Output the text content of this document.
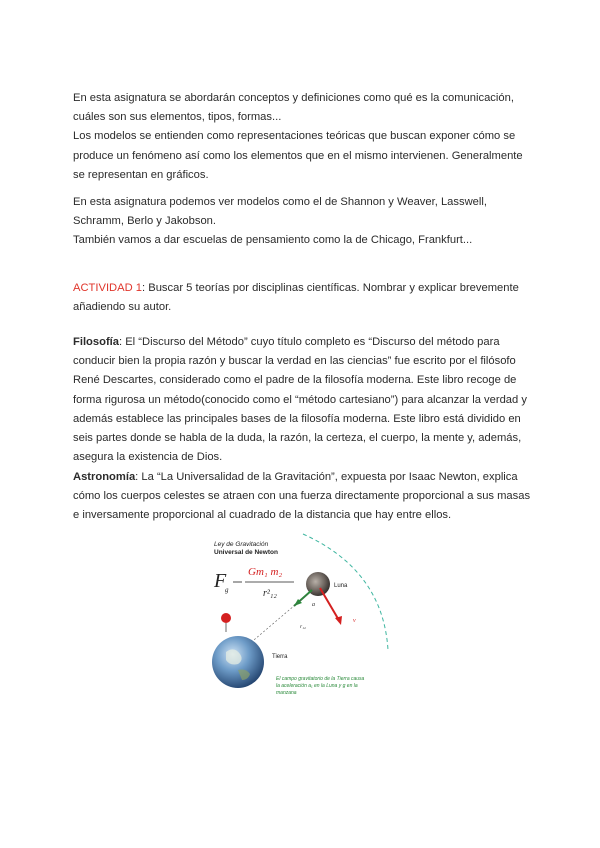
En esta asignatura se abordarán conceptos y definiciones como qué es la comunicación,
cuáles son sus elementos, tipos, formas...
Los modelos se entienden como representaciones teóricas que buscan exponer cómo se
produce un fenómeno así como los elementos que en el mismo intervienen. Generalmente
se representan en gráficos.

En esta asignatura podemos ver modelos como el de Shannon y Weaver, Lasswell,
Schramm, Berlo y Jakobson.
También vamos a dar escuelas de pensamiento como la de Chicago, Frankfurt...

ACTIVIDAD 1: Buscar 5 teorías por disciplinas científicas. Nombrar y explicar brevemente
añadiendo su autor.

Filosofía: El “Discurso del Método” cuyo título completo es “Discurso del método para
conducir bien la propia razón y buscar la verdad en las ciencias” fue escrito por el filósofo
René Descartes, considerado como el padre de la filosofía moderna. Este libro recoge de
forma rigurosa un método(conocido como el “método cartesiano”) para alcanzar la verdad y
además establece las principales bases de la filosofía moderna. Este libro está dividido en
seis partes donde se habla de la duda, la razón, la certeza, el cuerpo, la mente y, además,
asegura la existencia de Dios.

Astronomía: La “La Universalidad de la Gravitación”, expuesta por Isaac Newton, explica
cómo los cuerpos celestes se atraen con una fuerza directamente proporcional a sus masas
e inversamente proporcional al cuadrado de la distancia que hay entre ellos.

Ley de Gravitación
Universal de Newton
F
g
Gm₁ m₂
r²₁₂
Luna
a
v
r₁₂
Tierra
El campo gravitatorio de la Tierra causa
la aceleración a₁ en la Luna y g en la
manzana
